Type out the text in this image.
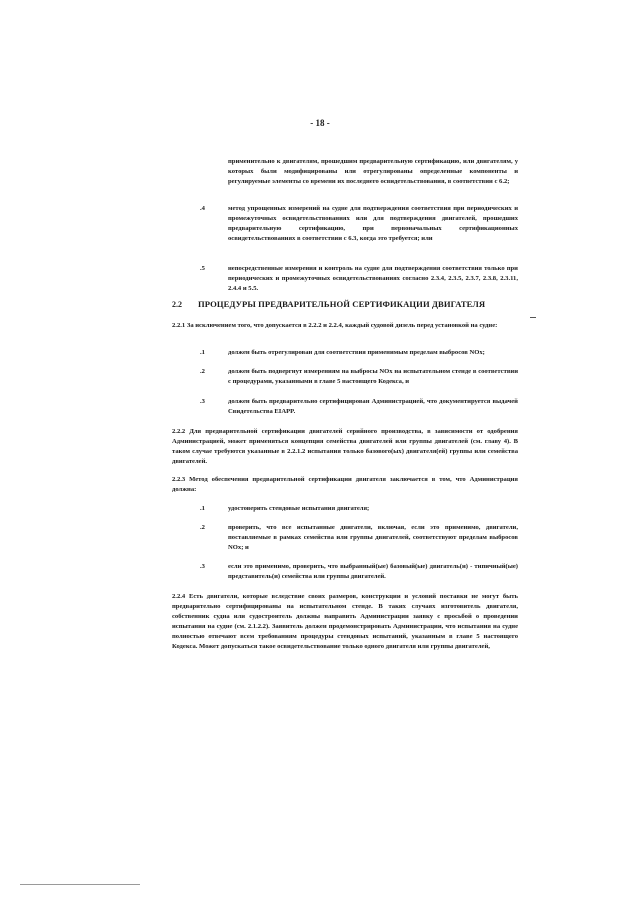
- 18 -
применительно к двигателям, прошедшим предварительную сертификацию, или двигателям, у которых были модифицированы или отрегулированы определенные компоненты и регулируемые элементы со времени их последнего освидетельствования, в соответствии с 6.2;
.4	метод упрощенных измерений на судне для подтверждения соответствия при периодических и промежуточных освидетельствованиях или для подтверждения двигателей, прошедших предварительную сертификацию, при первоначальных сертификационных освидетельствованиях в соответствии с 6.3, когда это требуется; или
.5	непосредственные измерения и контроль на судне для подтверждения соответствия только при периодических и промежуточных освидетельствованиях согласно 2.3.4, 2.3.5, 2.3.7, 2.3.8, 2.3.11, 2.4.4 и 5.5.
2.2 ПРОЦЕДУРЫ ПРЕДВАРИТЕЛЬНОЙ СЕРТИФИКАЦИИ ДВИГАТЕЛЯ
2.2.1 За исключением того, что допускается в 2.2.2 и 2.2.4, каждый судовой дизель перед установкой на судне:
.1	должен быть отрегулирован для соответствия применимым пределам выбросов NOx;
.2	должен быть подвергнут измерениям на выбросы NOx на испытательном стенде в соответствии с процедурами, указанными в главе 5 настоящего Кодекса, и
.3	должен быть предварительно сертифицирован Администрацией, что документируется выдачей Свидетельства EIAPP.
2.2.2 Для предварительной сертификации двигателей серийного производства, в зависимости от одобрения Администрацией, может применяться концепция семейства двигателей или группы двигателей (см. главу 4). В таком случае требуются указанные в 2.2.1.2 испытания только базового(ых) двигателя(ей) группы или семейства двигателей.
2.2.3 Метод обеспечения предварительной сертификации двигателя заключается в том, что Администрация должна:
.1	удостоверить стендовые испытания двигателя;
.2	проверить, что все испытанные двигатели, включая, если это применимо, двигатели, поставляемые в рамках семейства или группы двигателей, соответствуют пределам выбросов NOx; и
.3	если это применимо, проверить, что выбранный(ые) базовый(ые) двигатель(и) - типичный(ые) представитель(и) семейства или группы двигателей.
2.2.4 Есть двигатели, которые вследствие своих размеров, конструкции и условий поставки не могут быть предварительно сертифицированы на испытательном стенде. В таких случаях изготовитель двигателя, собственник судна или судостроитель должны направить Администрации заявку с просьбой о проведении испытания на судне (см. 2.1.2.2). Заявитель должен продемонстрировать Администрации, что испытания на судне полностью отвечают всем требованиям процедуры стендовых испытаний, указанным в главе 5 настоящего Кодекса. Может допускаться такое освидетельствование только одного двигателя или группы двигателей,
